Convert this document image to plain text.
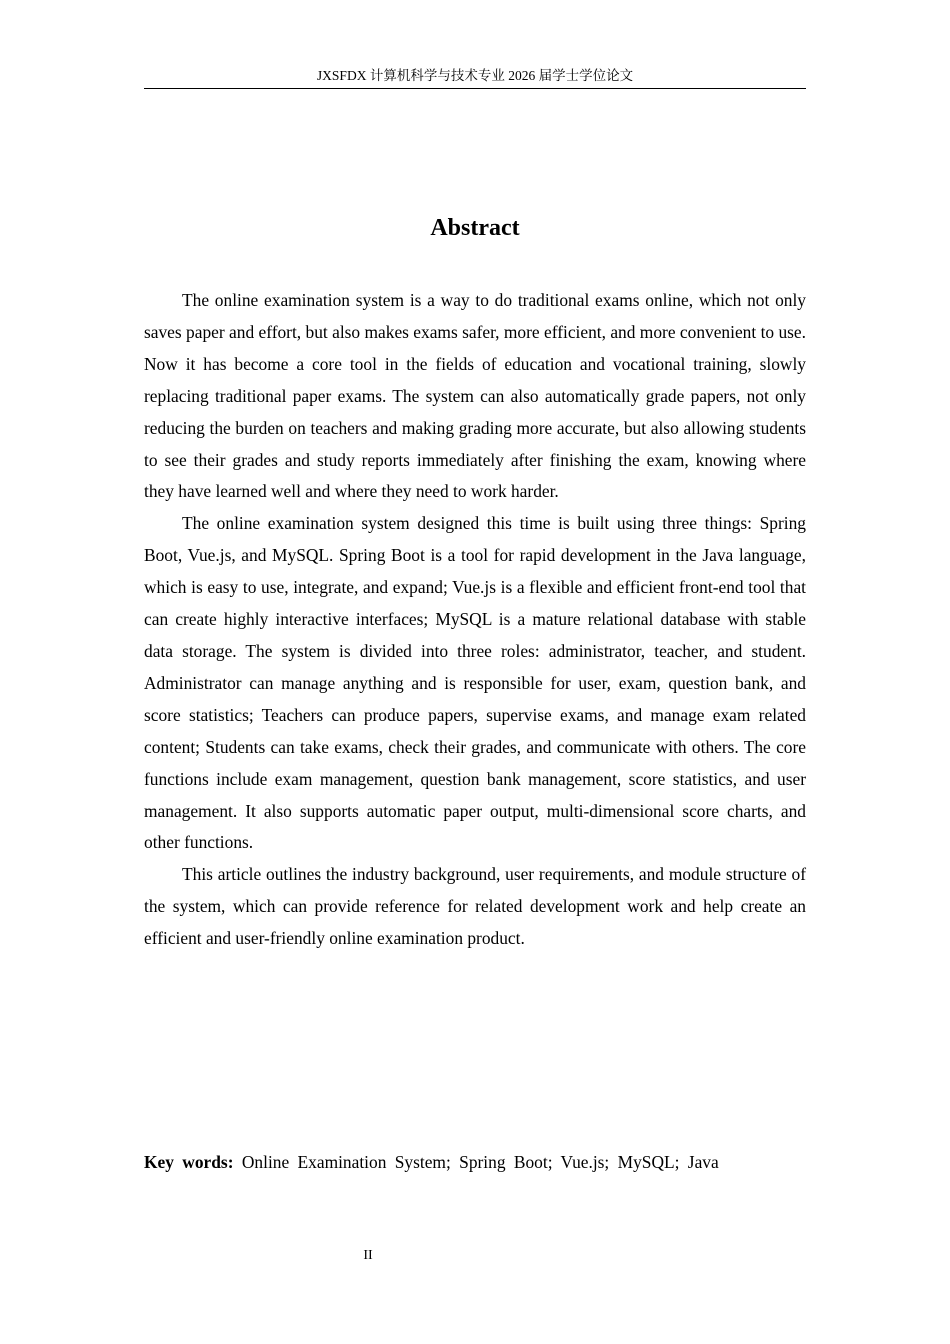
JXSFDX 计算机科学与技术专业 2026 届学士学位论文
Abstract

The online examination system is a way to do traditional exams online, which not only saves paper and effort, but also makes exams safer, more efficient, and more convenient to use. Now it has become a core tool in the fields of education and vocational training, slowly replacing traditional paper exams. The system can also automatically grade papers, not only reducing the burden on teachers and making grading more accurate, but also allowing students to see their grades and study reports immediately after finishing the exam, knowing where they have learned well and where they need to work harder.

The online examination system designed this time is built using three things: Spring Boot, Vue.js, and MySQL. Spring Boot is a tool for rapid development in the Java language, which is easy to use, integrate, and expand; Vue.js is a flexible and efficient front-end tool that can create highly interactive interfaces; MySQL is a mature relational database with stable data storage. The system is divided into three roles: administrator, teacher, and student. Administrator can manage anything and is responsible for user, exam, question bank, and score statistics; Teachers can produce papers, supervise exams, and manage exam related content; Students can take exams, check their grades, and communicate with others. The core functions include exam management, question bank management, score statistics, and user management. It also supports automatic paper output, multi-dimensional score charts, and other functions.

This article outlines the industry background, user requirements, and module structure of the system, which can provide reference for related development work and help create an efficient and user-friendly online examination product.

Key words: Online Examination System; Spring Boot; Vue.js; MySQL; Java
II
